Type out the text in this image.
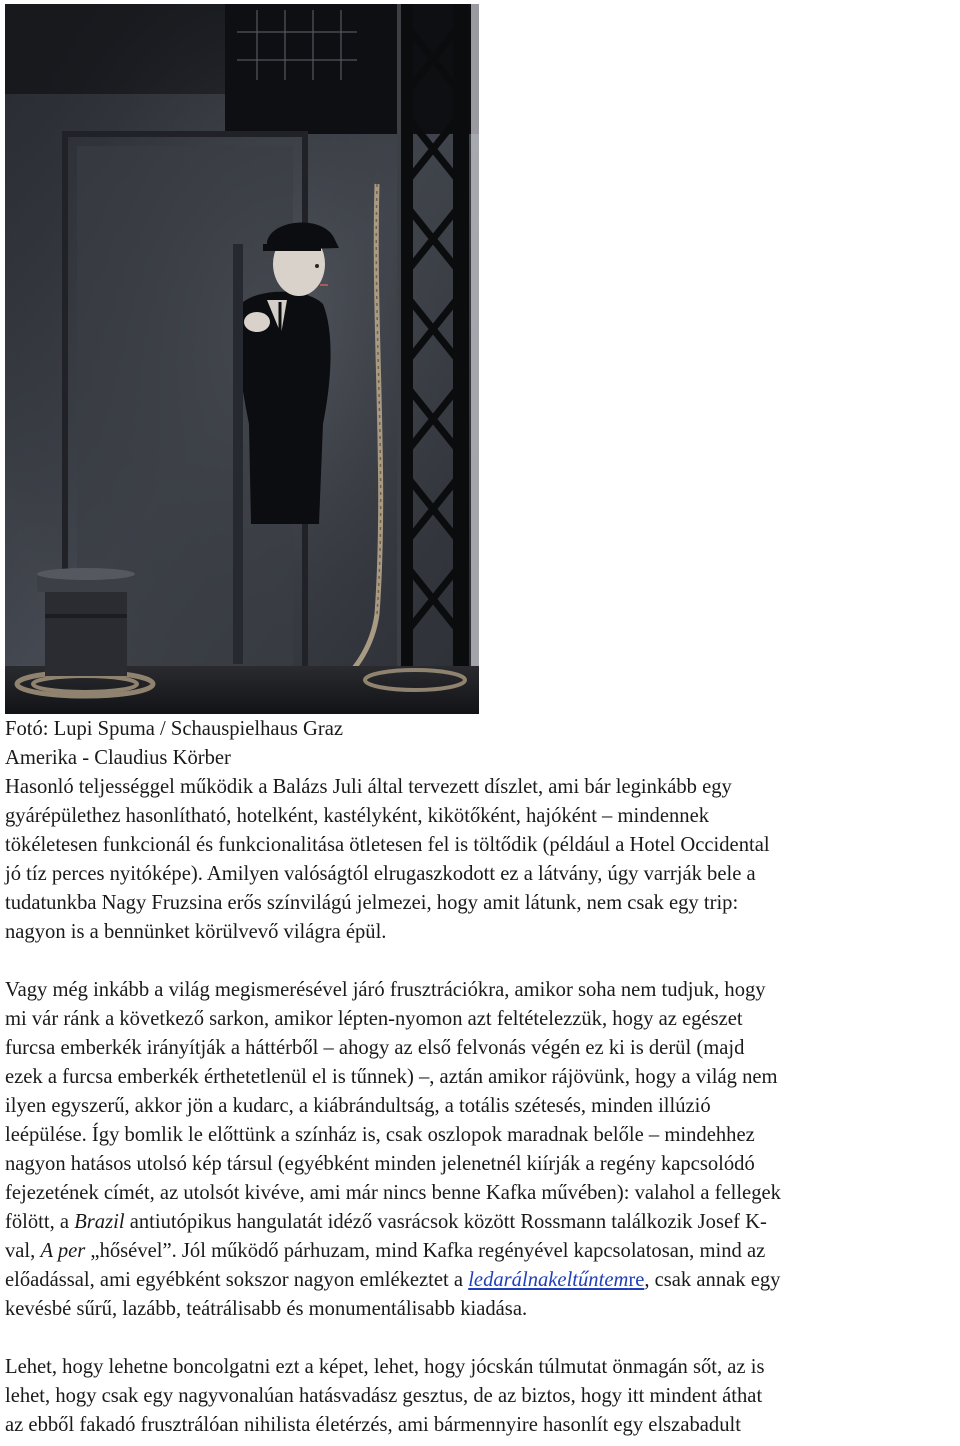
Fotó: Lupi Spuma / Schauspielhaus Graz
Amerika - Claudius Körber

Hasonló teljességgel működik a Balázs Juli által tervezett díszlet, ami bár leginkább egy
gyárépülethez hasonlítható, hotelként, kastélyként, kikötőként, hajóként – mindennek
tökéletesen funkcionál és funkcionalitása ötletesen fel is töltődik (például a Hotel Occidental
jó tíz perces nyitóképe). Amilyen valóságtól elrugaszkodott ez a látvány, úgy varrják bele a
tudatunkba Nagy Fruzsina erős színvilágú jelmezei, hogy amit látunk, nem csak egy trip:
nagyon is a bennünket körülvevő világra épül.

Vagy még inkább a világ megismerésével járó frusztrációkra, amikor soha nem tudjuk, hogy
mi vár ránk a következő sarkon, amikor lépten-nyomon azt feltételezzük, hogy az egészet
furcsa emberkék irányítják a háttérből – ahogy az első felvonás végén ez ki is derül (majd
ezek a furcsa emberkék érthetetlenül el is tűnnek) –, aztán amikor rájövünk, hogy a világ nem
ilyen egyszerű, akkor jön a kudarc, a kiábrándultság, a totális szétesés, minden illúzió
leépülése. Így bomlik le előttünk a színház is, csak oszlopok maradnak belőle – mindehhez
nagyon hatásos utolsó kép társul (egyébként minden jelenetnél kiírják a regény kapcsolódó
fejezetének címét, az utolsót kivéve, ami már nincs benne Kafka művében): valahol a fellegek
fölött, a Brazil antiutópikus hangulatát idéző vasrácsok között Rossmann találkozik Josef K-
val, A per „hősével”. Jól működő párhuzam, mind Kafka regényével kapcsolatosan, mind az
előadással, ami egyébként sokszor nagyon emlékeztet a ledarálnakeltűntemre, csak annak egy
kevésbé sűrű, lazább, teátrálisabb és monumentálisabb kiadása.

Lehet, hogy lehetne boncolgatni ezt a képet, lehet, hogy jócskán túlmutat önmagán sőt, az is
lehet, hogy csak egy nagyvonalúan hatásvadász gesztus, de az biztos, hogy itt mindent áthat
az ebből fakadó frusztrálóan nihilista életérzés, ami bármennyire hasonlít egy elszabadult
